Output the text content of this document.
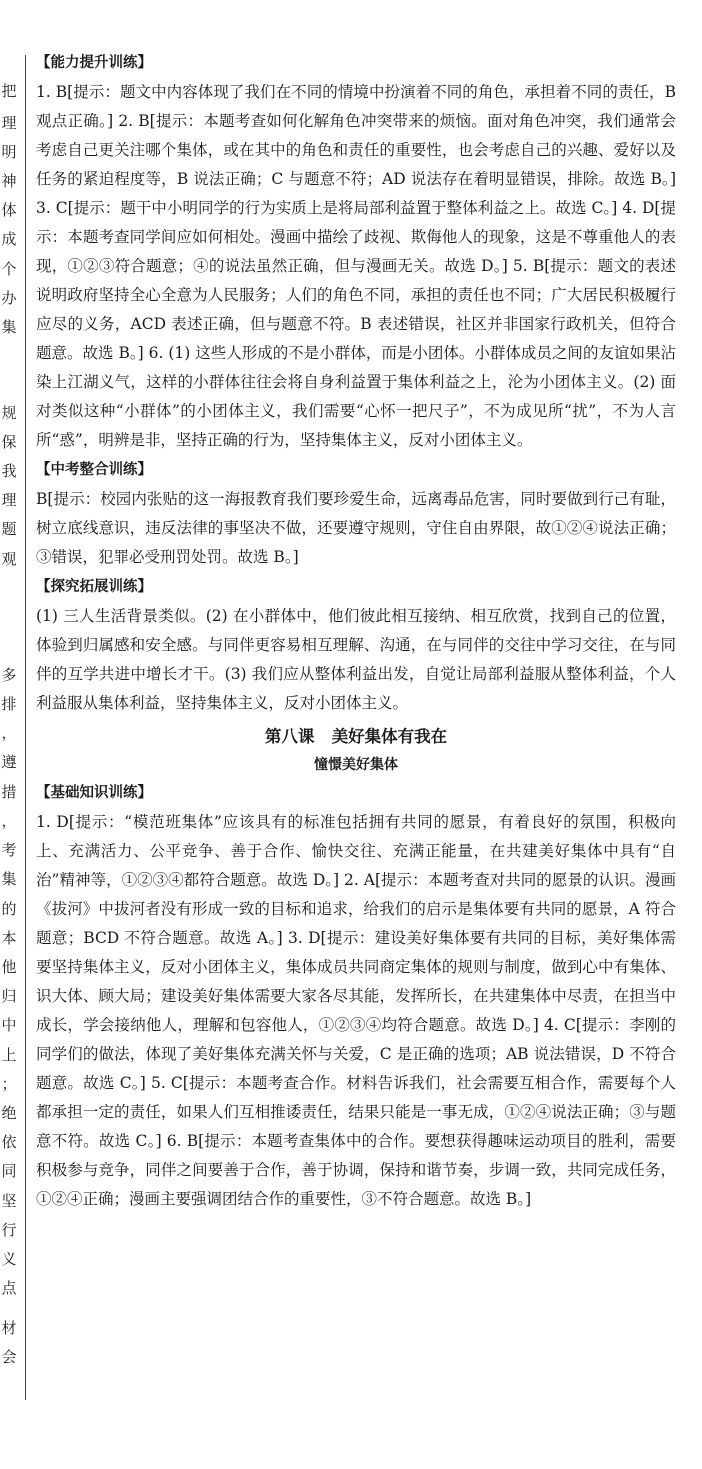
把
理
明
神
体
成
个
办
集
规
保
我
理
题
观
多
排
，
遵
措
，
考
集
的
本
他
归
中
上
；
绝
依
同
坚
行
义
点
材
会
【能力提升训练】

1. B[提示：题文中内容体现了我们在不同的情境中扮演着不同的角色，承担着不同的责任，B 观点正确。] 2. B[提示：本题考查如何化解角色冲突带来的烦恼。面对角色冲突，我们通常会考虑自己更关注哪个集体，或在其中的角色和责任的重要性，也会考虑自己的兴趣、爱好以及任务的紧迫程度等，B 说法正确；C 与题意不符；AD 说法存在着明显错误，排除。故选 B。] 3. C[提示：题干中小明同学的行为实质上是将局部利益置于整体利益之上。故选 C。] 4. D[提示：本题考查同学间应如何相处。漫画中描绘了歧视、欺侮他人的现象，这是不尊重他人的表现，①②③符合题意；④的说法虽然正确，但与漫画无关。故选 D。] 5. B[提示：题文的表述说明政府坚持全心全意为人民服务；人们的角色不同，承担的责任也不同；广大居民积极履行应尽的义务，ACD 表述正确，但与题意不符。B 表述错误，社区并非国家行政机关，但符合题意。故选 B。] 6. (1) 这些人形成的不是小群体，而是小团体。小群体成员之间的友谊如果沾染上江湖义气，这样的小群体往往会将自身利益置于集体利益之上，沦为小团体主义。(2) 面对类似这种“小群体”的小团体主义，我们需要“心怀一把尺子”，不为成见所“扰”，不为人言所“惑”，明辨是非，坚持正确的行为，坚持集体主义，反对小团体主义。

【中考整合训练】

B[提示：校园内张贴的这一海报教育我们要珍爱生命，远离毒品危害，同时要做到行己有耻，树立底线意识，违反法律的事坚决不做，还要遵守规则，守住自由界限，故①②④说法正确；③错误，犯罪必受刑罚处罚。故选 B。]

【探究拓展训练】

(1) 三人生活背景类似。(2) 在小群体中，他们彼此相互接纳、相互欣赏，找到自己的位置，体验到归属感和安全感。与同伴更容易相互理解、沟通，在与同伴的交往中学习交往，在与同伴的互学共进中增长才干。(3) 我们应从整体利益出发，自觉让局部利益服从整体利益，个人利益服从集体利益，坚持集体主义，反对小团体主义。

第八课   美好集体有我在
憧憬美好集体
【基础知识训练】

1. D[提示：“模范班集体”应该具有的标准包括拥有共同的愿景，有着良好的氛围，积极向上、充满活力、公平竞争、善于合作、愉快交往、充满正能量，在共建美好集体中具有“自治”精神等，①②③④都符合题意。故选 D。] 2. A[提示：本题考查对共同的愿景的认识。漫画《拔河》中拔河者没有形成一致的目标和追求，给我们的启示是集体要有共同的愿景，A 符合题意；BCD 不符合题意。故选 A。] 3. D[提示：建设美好集体要有共同的目标，美好集体需要坚持集体主义，反对小团体主义，集体成员共同商定集体的规则与制度，做到心中有集体、识大体、顾大局；建设美好集体需要大家各尽其能，发挥所长，在共建集体中尽责，在担当中成长，学会接纳他人，理解和包容他人，①②③④均符合题意。故选 D。] 4. C[提示：李刚的同学们的做法，体现了美好集体充满关怀与关爱，C 是正确的选项；AB 说法错误，D 不符合题意。故选 C。] 5. C[提示：本题考查合作。材料告诉我们，社会需要互相合作，需要每个人都承担一定的责任，如果人们互相推诿责任，结果只能是一事无成，①②④说法正确；③与题意不符。故选 C。] 6. B[提示：本题考查集体中的合作。要想获得趣味运动项目的胜利，需要积极参与竞争，同伴之间要善于合作，善于协调，保持和谐节奏，步调一致，共同完成任务，①②④正确；漫画主要强调团结合作的重要性，③不符合题意。故选 B。]
